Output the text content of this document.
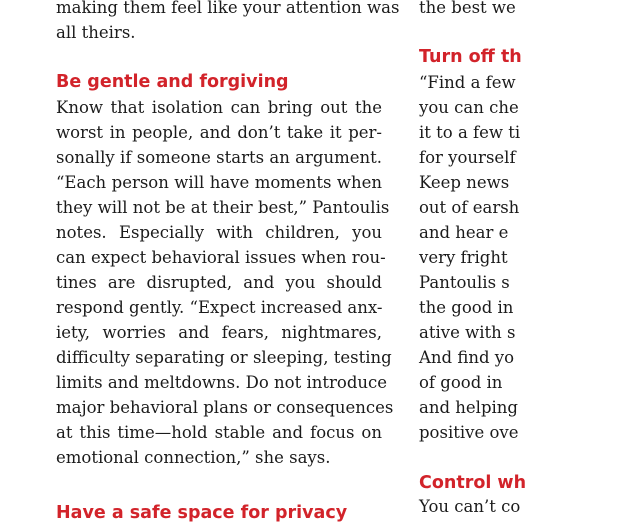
making them feel like your attention was
all theirs.
Be gentle and forgiving
Know that isolation can bring out the
worst in people, and don’t take it per-
sonally if someone starts an argument.
“Each person will have moments when
they will not be at their best,” Pantoulis
notes. Especially with children, you
can expect behavioral issues when rou-
tines are disrupted, and you should
respond gently. “Expect increased anx-
iety, worries and fears, nightmares,
difficulty separating or sleeping, testing
limits and meltdowns. Do not introduce
major behavioral plans or consequences
at this time—hold stable and focus on
emotional connection,” she says.
Have a safe space for privacy
the best we
Turn off th
“Find a few
you can che
it to a few ti
for yourself
Keep news
out of earsh
and hear e
very fright
Pantoulis s
the good in
ative with s
And find yo
of good in
and helping
positive ove
Control wh
You can’t co
